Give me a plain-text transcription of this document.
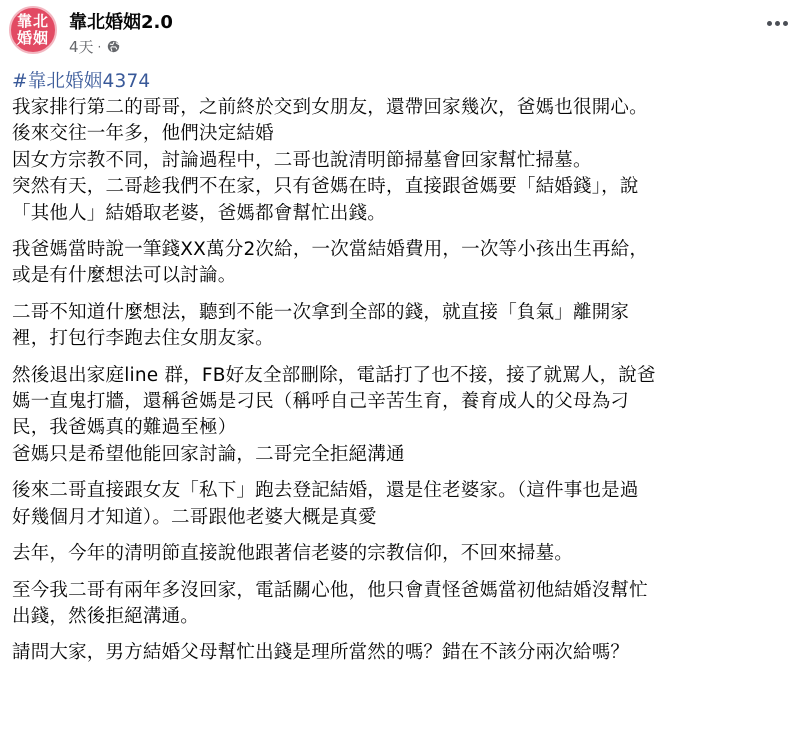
靠北
婚姻
靠北婚姻2.0
4天 ·
#靠北婚姻4374

我家排行第二的哥哥，之前終於交到女朋友，還帶回家幾次，爸媽也很開心。
後來交往一年多，他們決定結婚
因女方宗教不同，討論過程中，二哥也說清明節掃墓會回家幫忙掃墓。
突然有天，二哥趁我們不在家，只有爸媽在時，直接跟爸媽要「結婚錢」，說
「其他人」結婚取老婆，爸媽都會幫忙出錢。

我爸媽當時說一筆錢XX萬分2次給，一次當結婚費用，一次等小孩出生再給，
或是有什麼想法可以討論。

二哥不知道什麼想法，聽到不能一次拿到全部的錢，就直接「負氣」離開家
裡，打包行李跑去住女朋友家。

然後退出家庭line 群，FB好友全部刪除，電話打了也不接，接了就罵人，說爸
媽一直鬼打牆，還稱爸媽是刁民（稱呼自己辛苦生育，養育成人的父母為刁
民，我爸媽真的難過至極）
爸媽只是希望他能回家討論，二哥完全拒絕溝通

後來二哥直接跟女友「私下」跑去登記結婚，還是住老婆家。（這件事也是過
好幾個月才知道）。二哥跟他老婆大概是真愛

去年，今年的清明節直接說他跟著信老婆的宗教信仰，不回來掃墓。

至今我二哥有兩年多沒回家，電話關心他，他只會責怪爸媽當初他結婚沒幫忙
出錢，然後拒絕溝通。

請問大家，男方結婚父母幫忙出錢是理所當然的嗎？錯在不該分兩次給嗎？
